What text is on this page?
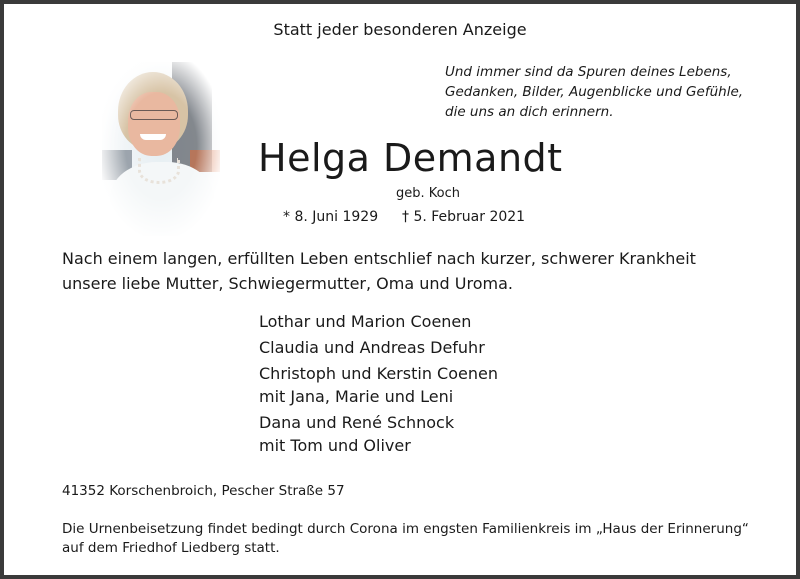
Statt jeder besonderen Anzeige
Und immer sind da Spuren deines Lebens,
Gedanken, Bilder, Augenblicke und Gefühle,
die uns an dich erinnern.
Helga Demandt
geb. Koch
* 8. Juni 1929 † 5. Februar 2021
Nach einem langen, erfüllten Leben entschlief nach kurzer, schwerer Krankheit
unsere liebe Mutter, Schwiegermutter, Oma und Uroma.
Lothar und Marion Coenen
Claudia und Andreas Defuhr
Christoph und Kerstin Coenen
mit Jana, Marie und Leni
Dana und René Schnock
mit Tom und Oliver
41352 Korschenbroich, Pescher Straße 57
Die Urnenbeisetzung findet bedingt durch Corona im engsten Familienkreis im „Haus der Erinnerung“
auf dem Friedhof Liedberg statt.
